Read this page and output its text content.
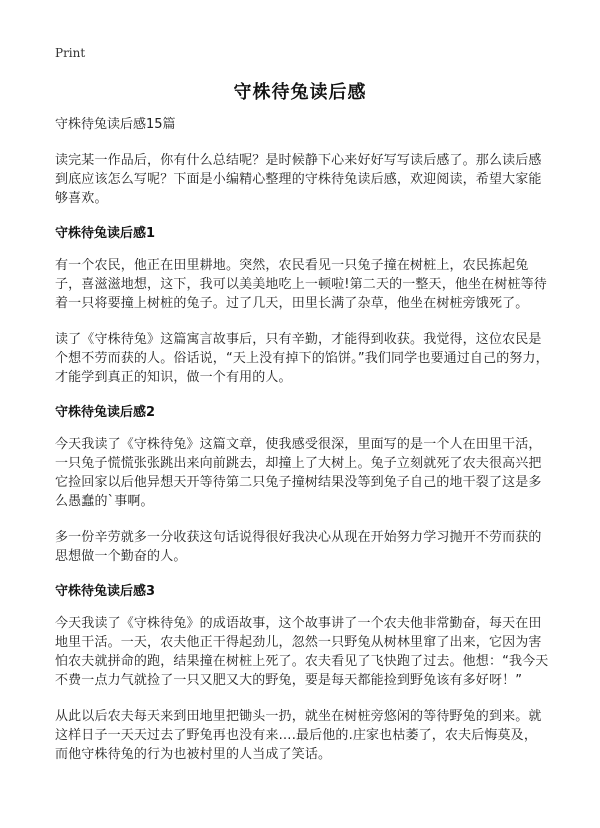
Print
守株待兔读后感

守株待兔读后感15篇

读完某一作品后，你有什么总结呢？是时候静下心来好好写写读后感了。那么读后感到底应该怎么写呢？下面是小编精心整理的守株待兔读后感，欢迎阅读，希望大家能够喜欢。

守株待兔读后感1

有一个农民，他正在田里耕地。突然，农民看见一只兔子撞在树桩上，农民拣起兔子，喜滋滋地想，这下，我可以美美地吃上一顿啦!第二天的一整天，他坐在树桩等待着一只将要撞上树桩的兔子。过了几天，田里长满了杂草，他坐在树桩旁饿死了。

读了《守株待兔》这篇寓言故事后，只有辛勤，才能得到收获。我觉得，这位农民是个想不劳而获的人。俗话说，“天上没有掉下的馅饼。”我们同学也要通过自己的努力，才能学到真正的知识，做一个有用的人。

守株待兔读后感2

今天我读了《守株待兔》这篇文章，使我感受很深，里面写的是一个人在田里干活，一只兔子慌慌张张跳出来向前跳去，却撞上了大树上。兔子立刻就死了农夫很高兴把它捡回家以后他异想天开等待第二只兔子撞树结果没等到兔子自己的地干裂了这是多么愚蠢的`事啊。

多一份辛劳就多一分收获这句话说得很好我决心从现在开始努力学习抛开不劳而获的思想做一个勤奋的人。

守株待兔读后感3

今天我读了《守株待兔》的成语故事，这个故事讲了一个农夫他非常勤奋，每天在田地里干活。一天，农夫他正干得起劲儿，忽然一只野兔从树林里窜了出来，它因为害怕农夫就拼命的跑，结果撞在树桩上死了。农夫看见了飞快跑了过去。他想：“我今天不费一点力气就捡了一只又肥又大的野兔，要是每天都能捡到野兔该有多好呀！”

从此以后农夫每天来到田地里把锄头一扔，就坐在树桩旁悠闲的等待野兔的到来。就这样日子一天天过去了野兔再也没有来….最后他的.庄家也枯萎了，农夫后悔莫及，而他守株待兔的行为也被村里的人当成了笑话。
